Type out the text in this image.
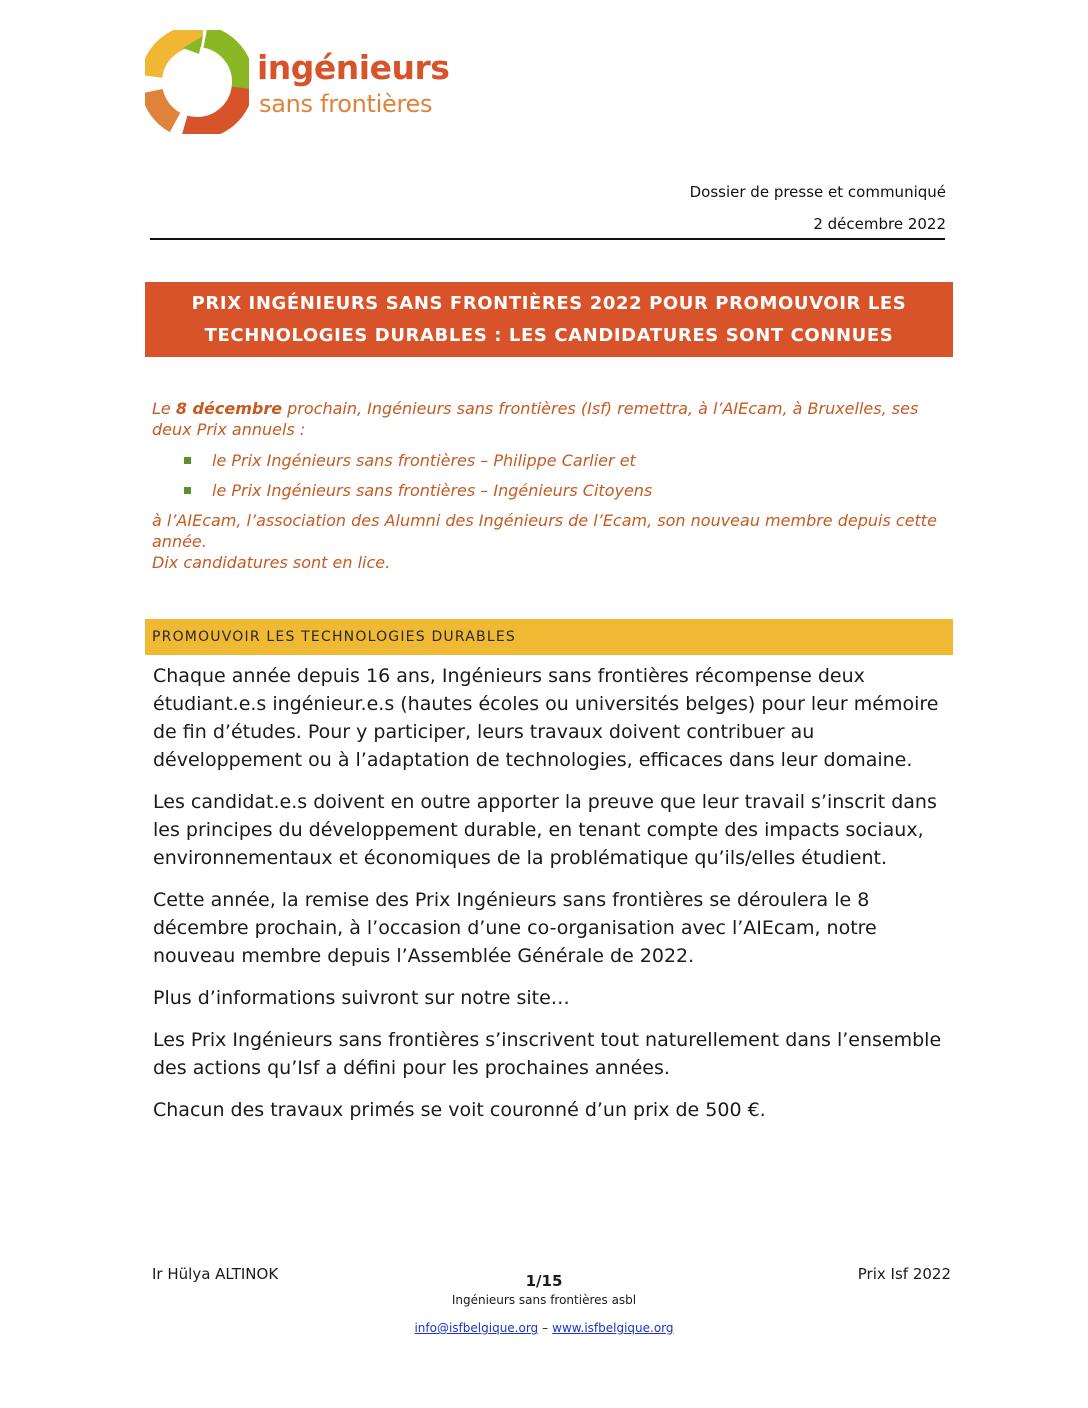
ingénieurs
sans frontières
Dossier de presse et communiqué
2 décembre 2022
PRIX INGÉNIEURS SANS FRONTIÈRES 2022 POUR PROMOUVOIR LES
TECHNOLOGIES DURABLES : LES CANDIDATURES SONT CONNUES

Le 8 décembre prochain, Ingénieurs sans frontières (Isf) remettra, à l’AIEcam, à Bruxelles, ses deux Prix annuels :

le Prix Ingénieurs sans frontières – Philippe Carlier et
le Prix Ingénieurs sans frontières – Ingénieurs Citoyens

à l’AIEcam, l’association des Alumni des Ingénieurs de l’Ecam, son nouveau membre depuis cette année.

Dix candidatures sont en lice.

PROMOUVOIR LES TECHNOLOGIES DURABLES

Chaque année depuis 16 ans, Ingénieurs sans frontières récompense deux étudiant.e.s ingénieur.e.s (hautes écoles ou universités belges) pour leur mémoire de fin d’études. Pour y participer, leurs travaux doivent contribuer au développement ou à l’adaptation de technologies, efficaces dans leur domaine.

Les candidat.e.s doivent en outre apporter la preuve que leur travail s’inscrit dans les principes du développement durable, en tenant compte des impacts sociaux, environnementaux et économiques de la problématique qu’ils/elles étudient.

Cette année, la remise des Prix Ingénieurs sans frontières se déroulera le 8 décembre prochain, à l’occasion d’une co-organisation avec l’AIEcam, notre nouveau membre depuis l’Assemblée Générale de 2022.

Plus d’informations suivront sur notre site…

Les Prix Ingénieurs sans frontières s’inscrivent tout naturellement dans l’ensemble des actions qu’Isf a défini pour les prochaines années.

Chacun des travaux primés se voit couronné d’un prix de 500 €.

Ir Hülya ALTINOK	1/15	Prix Isf 2022
Ingénieurs sans frontières asbl
info@isfbelgique.org – www.isfbelgique.org
